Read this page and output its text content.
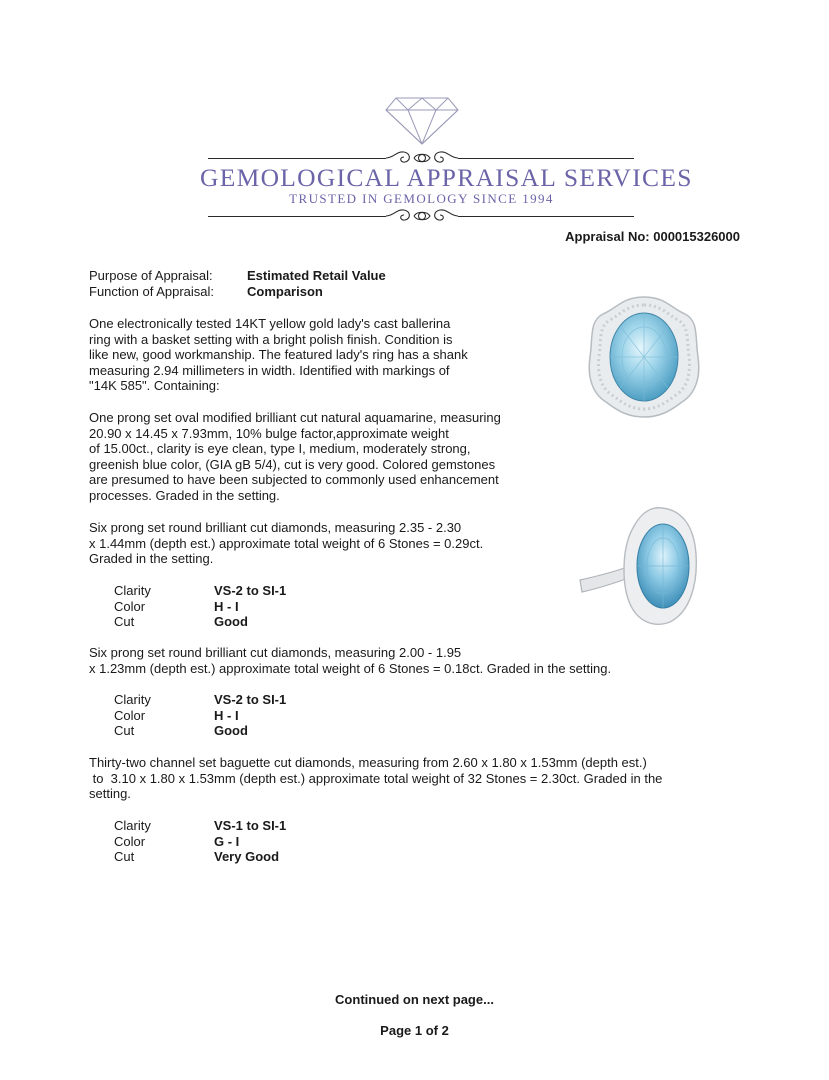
GEMOLOGICAL APPRAISAL SERVICES
TRUSTED IN GEMOLOGY SINCE 1994
Appraisal No: 000015326000
Purpose of Appraisal:	Estimated Retail Value
Function of Appraisal:	Comparison
One electronically tested 14KT yellow gold lady's cast ballerina
ring with a basket setting with a bright polish finish. Condition is
like new, good workmanship. The featured lady's ring has a shank
measuring 2.94 millimeters in width. Identified with markings of
"14K 585". Containing:
One prong set oval modified brilliant cut natural aquamarine, measuring
20.90 x 14.45 x 7.93mm, 10% bulge factor,approximate weight
of 15.00ct., clarity is eye clean, type I, medium, moderately strong,
greenish blue color, (GIA gB 5/4), cut is very good. Colored gemstones
are presumed to have been subjected to commonly used enhancement
processes. Graded in the setting.
Six prong set round brilliant cut diamonds, measuring 2.35 - 2.30
x 1.44mm (depth est.) approximate total weight of 6 Stones = 0.29ct.
Graded in the setting.
Clarity	VS-2 to SI-1
Color	H - I
Cut	Good
Six prong set round brilliant cut diamonds, measuring 2.00 - 1.95
x 1.23mm (depth est.) approximate total weight of 6 Stones = 0.18ct. Graded in the setting.
Clarity	VS-2 to SI-1
Color	H - I
Cut	Good
Thirty-two channel set baguette cut diamonds, measuring from 2.60 x 1.80 x 1.53mm (depth est.)
to  3.10 x 1.80 x 1.53mm (depth est.) approximate total weight of 32 Stones = 2.30ct. Graded in the
setting.
Clarity	VS-1 to SI-1
Color	G - I
Cut	Very Good
Continued on next page...
Page 1 of 2
